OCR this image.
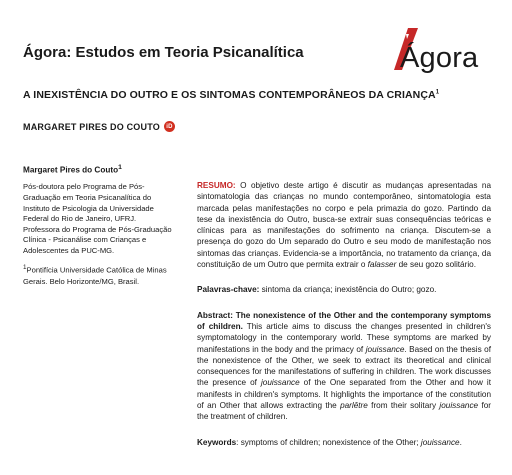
Ágora: Estudos em Teoria Psicanalítica	Ágora
A INEXISTÊNCIA DO OUTRO E OS SINTOMAS CONTEMPORÂNEOS DA CRIANÇA$^1$
MARGARET PIRES DO COUTO	iD
Margaret Pires do Couto$^1$

Pós-doutora pelo Programa de Pós-Graduação em Teoria Psicanalítica do Instituto de Psicologia da Universidade Federal do Rio de Janeiro, UFRJ. Professora do Programa de Pós-Graduação Clínica - Psicanálise com Crianças e Adolescentes da PUC-MG.

$^1$Pontifícia Universidade Católica de Minas Gerais. Belo Horizonte/MG, Brasil.

RESUMO: O objetivo deste artigo é discutir as mudanças apresentadas na sintomatologia das crianças no mundo contemporâneo, sintomatologia esta marcada pelas manifestações no corpo e pela primazia do gozo. Partindo da tese da inexistência do Outro, busca-se extrair suas consequências teóricas e clínicas para as manifestações do sofrimento na criança. Discutem-se a presença do gozo do Um separado do Outro e seu modo de manifestação nos sintomas das crianças. Evidencia-se a importância, no tratamento da criança, da constituição de um Outro que permita extrair o falasser de seu gozo solitário.

Palavras-chave: sintoma da criança; inexistência do Outro; gozo.

Abstract: The nonexistence of the Other and the contemporany symptoms of children. This article aims to discuss the changes presented in children's symptomatology in the contemporary world. These symptoms are marked by manifestations in the body and the primacy of jouissance. Based on the thesis of the nonexistence of the Other, we seek to extract its theoretical and clinical consequences for the manifestations of suffering in children. The work discusses the presence of jouissance of the One separated from the Other and how it manifests in children's symptoms. It highlights the importance of the constitution of an Other that allows extracting the parlêtre from their solitary jouissance for the treatment of children.

Keywords: symptoms of children; nonexistence of the Other; jouissance.
